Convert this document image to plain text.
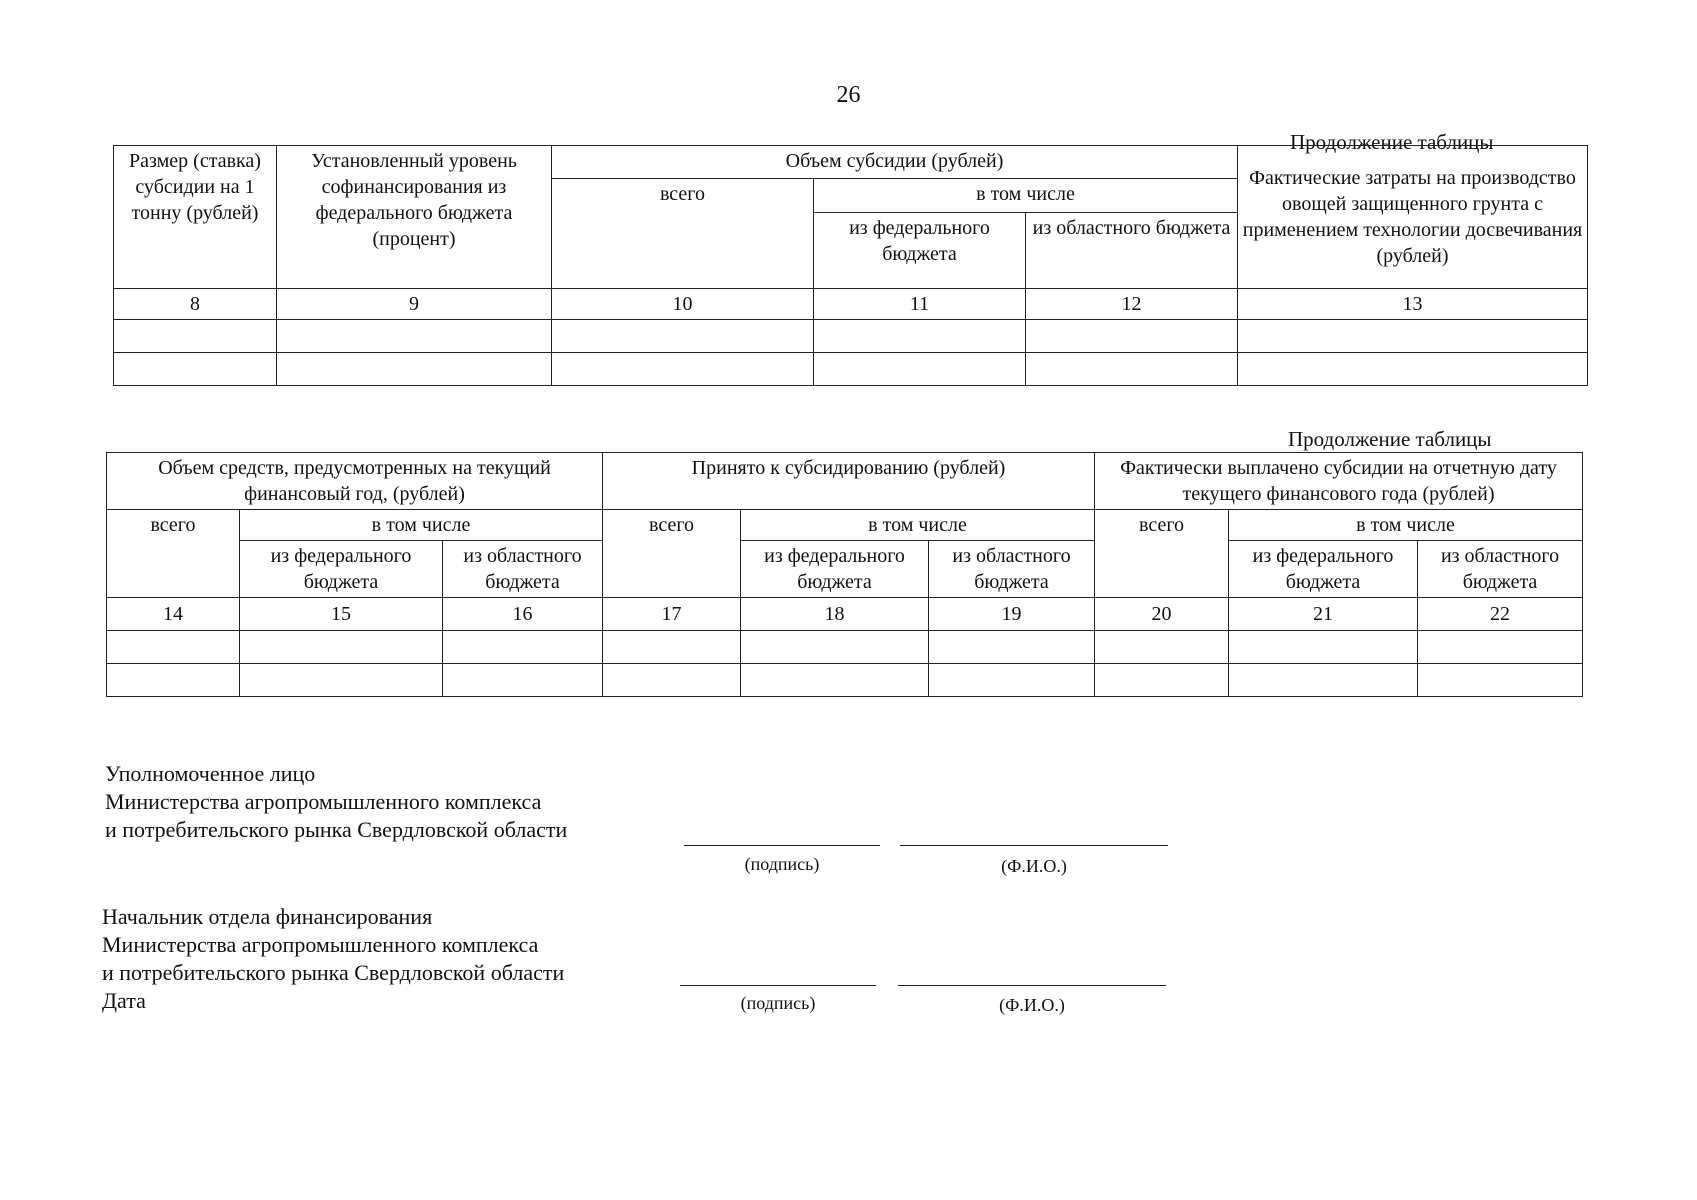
26
Продолжение таблицы
Размер (ставка) субсидии на 1 тонну (рублей)	Установленный уровень софинансирования из федерального бюджета (процент)	Объем субсидии (рублей)			Фактические затраты на производство овощей защищенного грунта с применением технологии досвечивания (рублей)
		всего	в том числе		
			из федерального бюджета	из областного бюджета	
8	9	10	11	12	13

Продолжение таблицы
Объем средств, предусмотренных на текущий финансовый год, (рублей)			Принято к субсидированию (рублей)			Фактически выплачено субсидии на отчетную дату текущего финансового года (рублей)		
всего	в том числе		всего	в том числе		всего	в том числе	
	из федерального бюджета	из областного бюджета		из федерального бюджета	из областного бюджета		из федерального бюджета	из областного бюджета
14	15	16	17	18	19	20	21	22

Уполномоченное лицо
Министерства агропромышленного комплекса
и потребительского рынка Свердловской области
(подпись)	(Ф.И.О.)
Начальник отдела финансирования
Министерства агропромышленного комплекса
и потребительского рынка Свердловской области
Дата	(подпись)	(Ф.И.О.)
